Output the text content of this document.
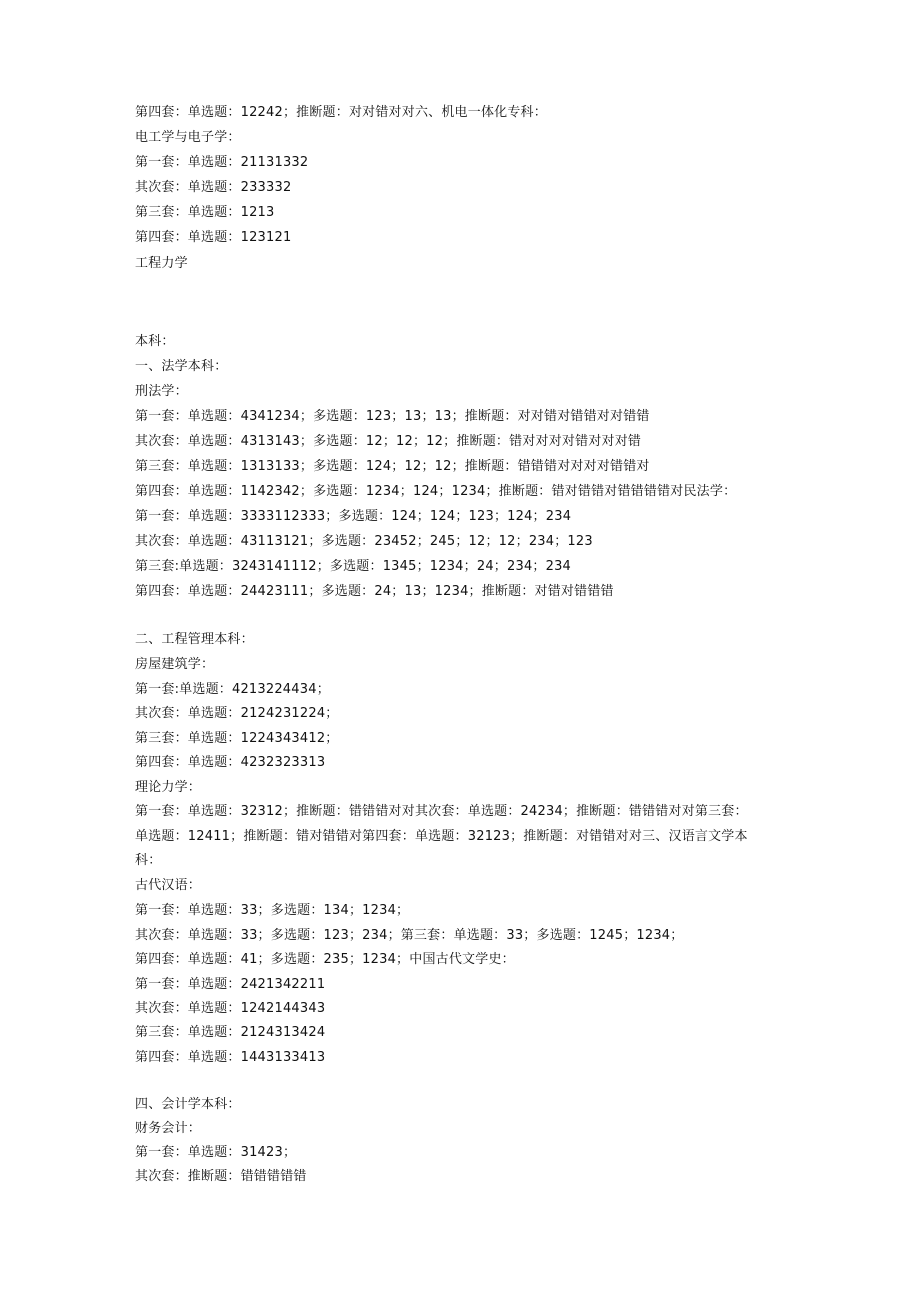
第四套：单选题：12242；推断题：对对错对对六、机电一体化专科：
电工学与电子学：
第一套：单选题：21131332
其次套：单选题：233332
第三套：单选题：1213
第四套：单选题：123121
工程力学
本科：
一、法学本科：
刑法学：
第一套：单选题：4341234；多选题：123；13；13；推断题：对对错对错错对对错错
其次套：单选题：4313143；多选题：12；12；12；推断题：错对对对对错对对对错
第三套：单选题：1313133；多选题：124；12；12；推断题：错错错对对对对错错对
第四套：单选题：1142342；多选题：1234；124；1234；推断题：错对错错对错错错错对民法学：
第一套：单选题：3333112333；多选题：124；124；123；124；234
其次套：单选题：43113121；多选题：23452；245；12；12；234；123
第三套:单选题：3243141112；多选题：1345；1234；24；234；234
第四套：单选题：24423111；多选题：24；13；1234；推断题：对错对错错错
二、工程管理本科：
房屋建筑学：
第一套:单选题：4213224434；
其次套：单选题：2124231224；
第三套：单选题：1224343412；
第四套：单选题：4232323313
理论力学：
第一套：单选题：32312；推断题：错错错对对其次套：单选题：24234；推断题：错错错对对第三套：
单选题：12411；推断题：错对错错对第四套：单选题：32123；推断题：对错错对对三、汉语言文学本
科：
古代汉语：
第一套：单选题：33；多选题：134；1234；
其次套：单选题：33；多选题：123；234；第三套：单选题：33；多选题：1245；1234；
第四套：单选题：41；多选题：235；1234；中国古代文学史：
第一套：单选题：2421342211
其次套：单选题：1242144343
第三套：单选题：2124313424
第四套：单选题：1443133413
四、会计学本科：
财务会计：
第一套：单选题：31423；
其次套：推断题：错错错错错
